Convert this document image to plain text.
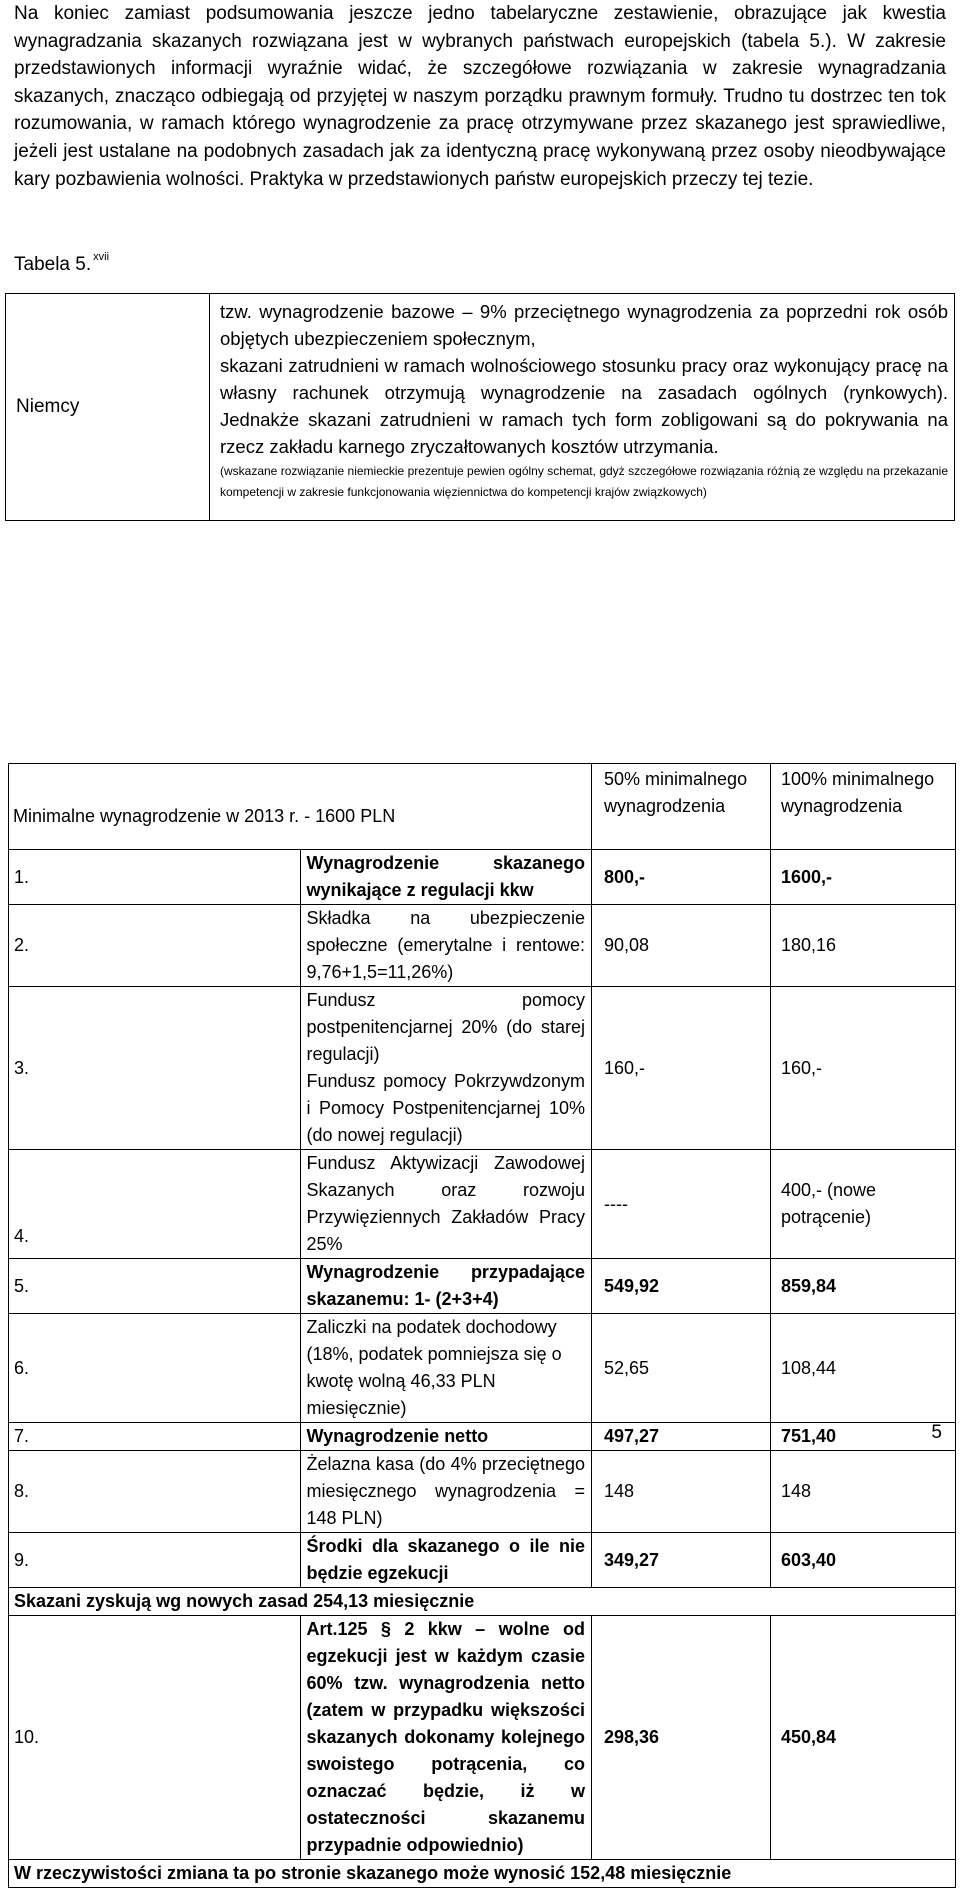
Na koniec zamiast podsumowania jeszcze jedno tabelaryczne zestawienie, obrazujące jak kwestia wynagradzania skazanych rozwiązana jest w wybranych państwach europejskich (tabela 5.). W zakresie przedstawionych informacji wyraźnie widać, że szczegółowe rozwiązania w zakresie wynagradzania skazanych, znacząco odbiegają od przyjętej w naszym porządku prawnym formuły. Trudno tu dostrzec ten tok rozumowania, w ramach którego wynagrodzenie za pracę otrzymywane przez skazanego jest sprawiedliwe, jeżeli jest ustalane na podobnych zasadach jak za identyczną pracę wykonywaną przez osoby nieodbywające kary pozbawienia wolności. Praktyka w przedstawionych państw europejskich przeczy tej tezie.

Tabela 5. $^{xvii}$
Niemcy	

tzw. wynagrodzenie bazowe – 9% przeciętnego wynagrodzenia za poprzedni rok osób objętych ubezpieczeniem społecznym,

skazani zatrudnieni w ramach wolnościowego stosunku pracy oraz wykonujący pracę na własny rachunek otrzymują wynagrodzenie na zasadach ogólnych (rynkowych). Jednakże skazani zatrudnieni w ramach tych form zobligowani są do pokrywania na rzecz zakładu karnego zryczałtowanych kosztów utrzymania.

(wskazane rozwiązanie niemieckie prezentuje pewien ogólny schemat, gdyż szczegółowe rozwiązania różnią ze względu na przekazanie kompetencji w zakresie funkcjonowania więziennictwa do kompetencji krajów związkowych)

Minimalne wynagrodzenie w 2013 r. - 1600 PLN		50% minimalnego wynagrodzenia	100% minimalnego wynagrodzenia
1.	Wynagrodzenie skazanego wynikające z regulacji kkw	800,-	1600,-
2.	Składka na ubezpieczenie społeczne (emerytalne i rentowe: 9,76+1,5=11,26%)	90,08	180,16
3.	Fundusz pomocy postpenitencjarnej 20% (do starej regulacji)
Fundusz pomocy Pokrzywdzonym i Pomocy Postpenitencjarnej 10% (do nowej regulacji)	160,-	160,-
4.	Fundusz Aktywizacji Zawodowej Skazanych oraz rozwoju Przywięziennych Zakładów Pracy 25%	----	400,- (nowe potrącenie)
5.	Wynagrodzenie przypadające skazanemu: 1- (2+3+4)	549,92	859,84
6.	Zaliczki na podatek dochodowy
(18%, podatek pomniejsza się o kwotę wolną 46,33 PLN miesięcznie)	52,65	108,44
7.	Wynagrodzenie netto	497,27	751,40
8.	Żelazna kasa (do 4% przeciętnego miesięcznego wynagrodzenia = 148 PLN)	148	148
9.	Środki dla skazanego o ile nie będzie egzekucji	349,27	603,40
Skazani zyskują wg nowych zasad 254,13 miesięcznie			
10.	Art.125 § 2 kkw – wolne od egzekucji jest w każdym czasie 60% tzw. wynagrodzenia netto (zatem w przypadku większości skazanych dokonamy kolejnego swoistego potrącenia, co oznaczać będzie, iż w ostateczności skazanemu przypadnie odpowiednio)	298,36	450,84
W rzeczywistości zmiana ta po stronie skazanego może wynosić 152,48 miesięcznie			
5
